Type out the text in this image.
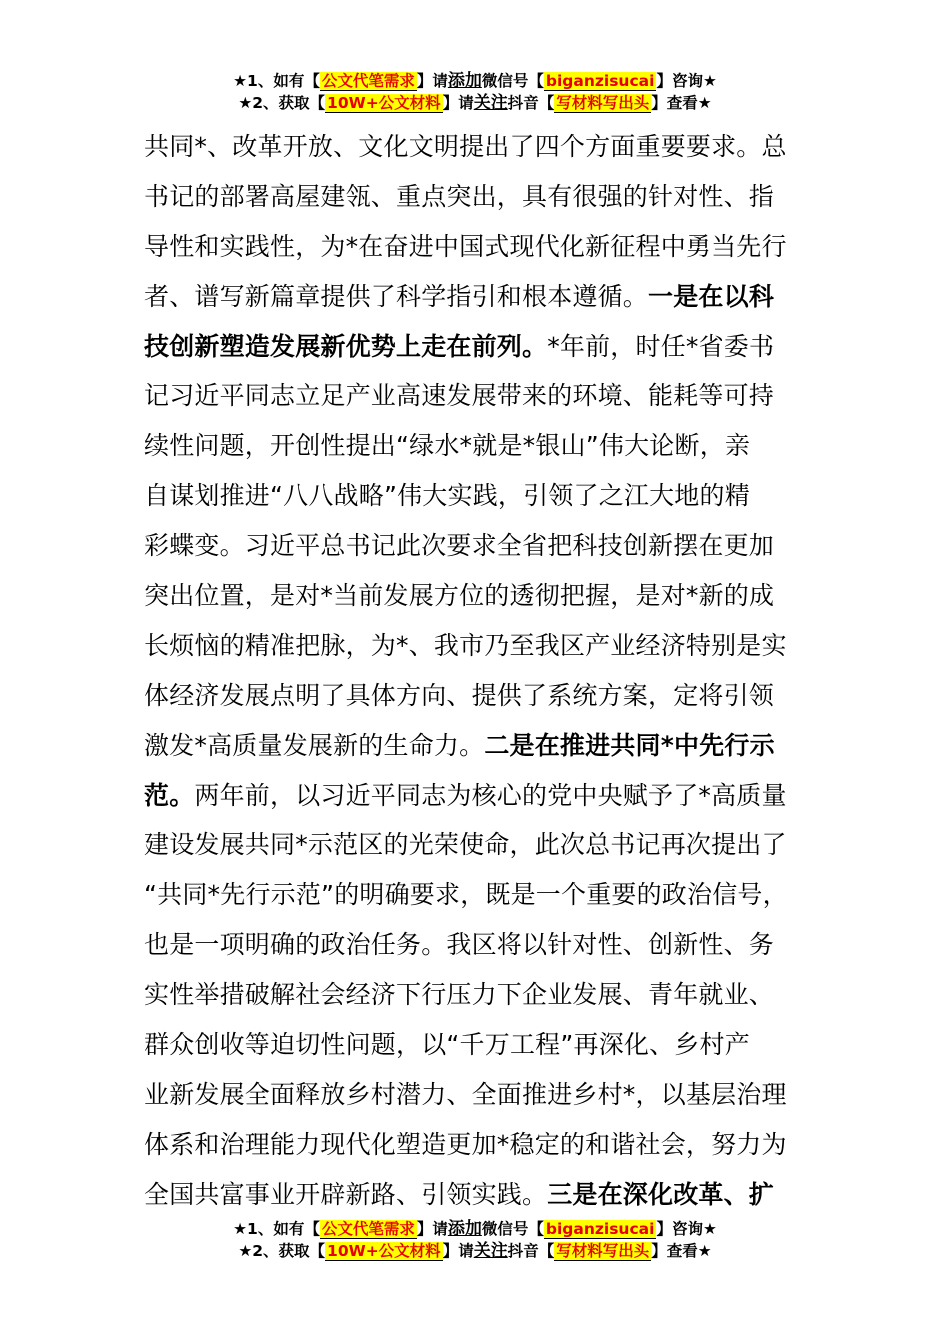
★1、如有【 公文代笔需求 】请添加微信号【 biganzisucai 】咨询★
★2、获取【 10W+公文材料 】请关注抖音【 写材料写出头 】查看★
共同*、改革开放、文化文明提出了四个方面重要要求。总
书记的部署高屋建瓴、重点突出，具有很强的针对性、指
导性和实践性，为*在奋进中国式现代化新征程中勇当先行
者、谱写新篇章提供了科学指引和根本遵循。一是在以科
技创新塑造发展新优势上走在前列。*年前，时任*省委书
记习近平同志立足产业高速发展带来的环境、能耗等可持
续性问题，开创性提出“绿水*就是*银山”伟大论断，亲
自谋划推进“八八战略”伟大实践，引领了之江大地的精
彩蝶变。习近平总书记此次要求全省把科技创新摆在更加
突出位置，是对*当前发展方位的透彻把握，是对*新的成
长烦恼的精准把脉，为*、我市乃至我区产业经济特别是实
体经济发展点明了具体方向、提供了系统方案，定将引领
激发*高质量发展新的生命力。二是在推进共同*中先行示
范。两年前，以习近平同志为核心的党中央赋予了*高质量
建设发展共同*示范区的光荣使命，此次总书记再次提出了
“共同*先行示范”的明确要求，既是一个重要的政治信号，
也是一项明确的政治任务。我区将以针对性、创新性、务
实性举措破解社会经济下行压力下企业发展、青年就业、
群众创收等迫切性问题，以“千万工程”再深化、乡村产
业新发展全面释放乡村潜力、全面推进乡村*，以基层治理
体系和治理能力现代化塑造更加*稳定的和谐社会，努力为
全国共富事业开辟新路、引领实践。三是在深化改革、扩
★1、如有【 公文代笔需求 】请添加微信号【 biganzisucai 】咨询★
★2、获取【 10W+公文材料 】请关注抖音【 写材料写出头 】查看★
